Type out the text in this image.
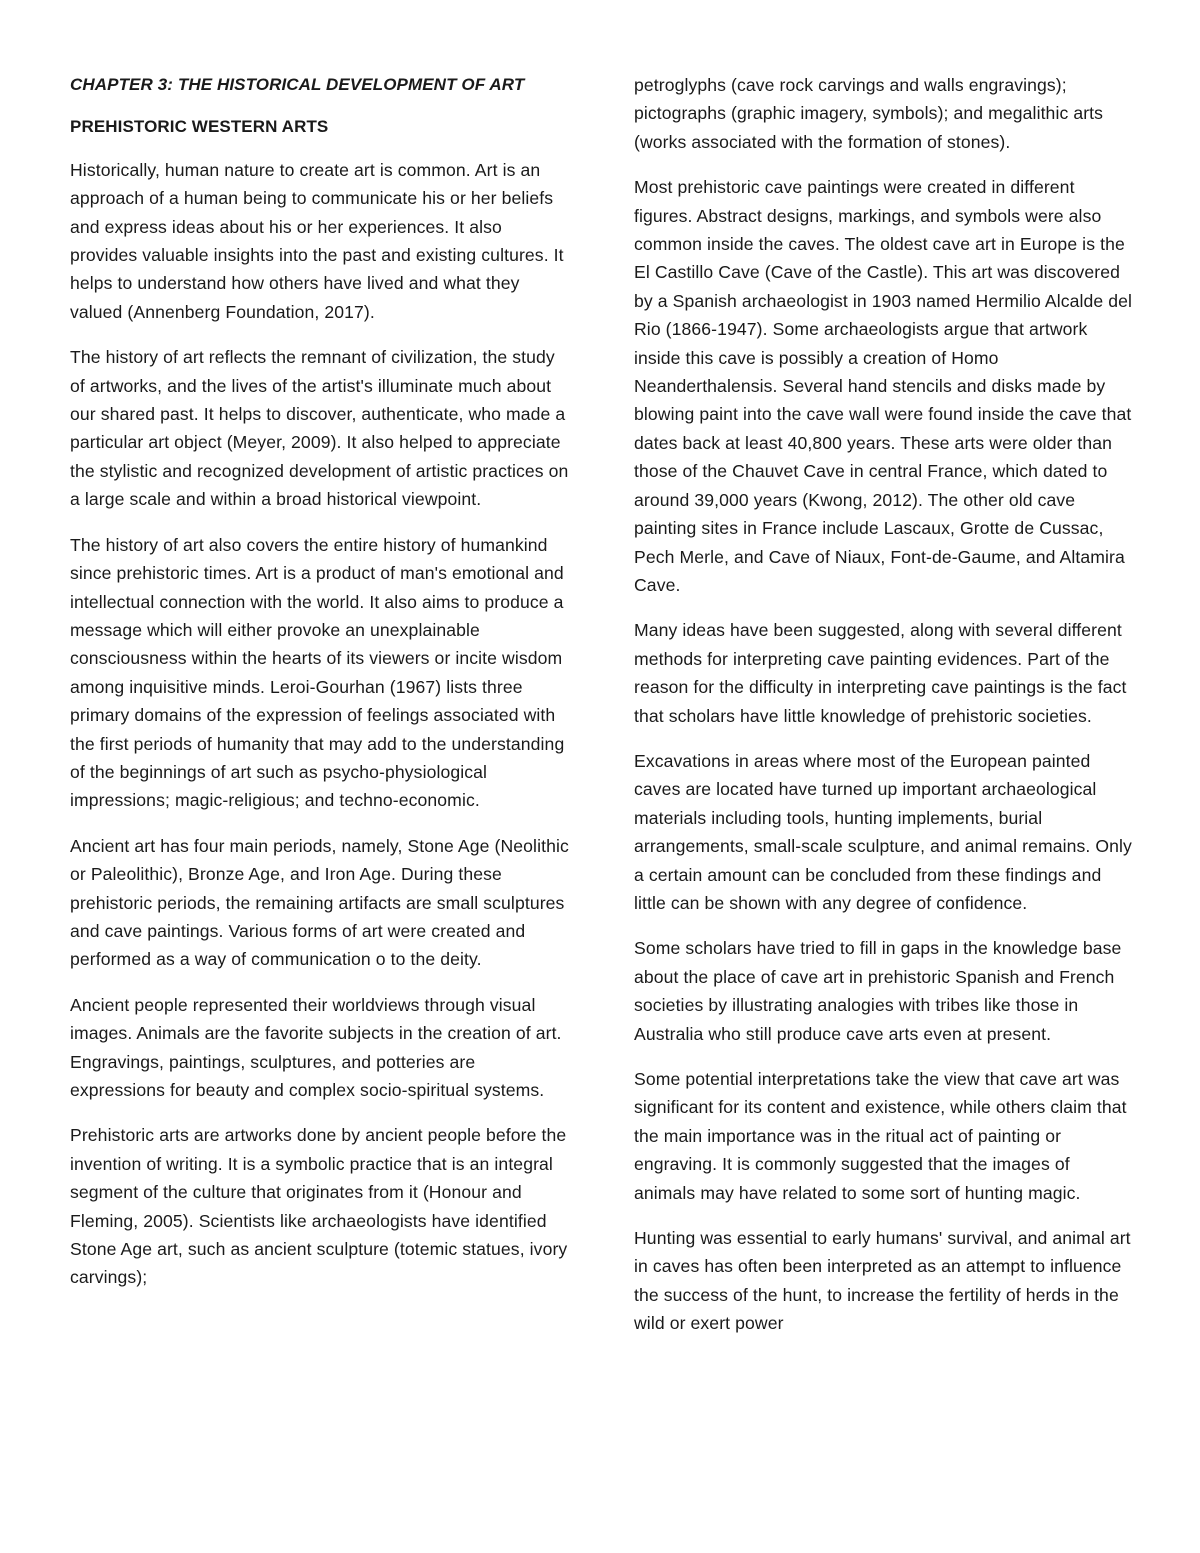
CHAPTER 3: THE HISTORICAL DEVELOPMENT OF ART

PREHISTORIC WESTERN ARTS

Historically, human nature to create art is common. Art is an approach of a human being to communicate his or her beliefs and express ideas about his or her experiences. It also provides valuable insights into the past and existing cultures. It helps to understand how others have lived and what they valued (Annenberg Foundation, 2017).

The history of art reflects the remnant of civilization, the study of artworks, and the lives of the artist's illuminate much about our shared past. It helps to discover, authenticate, who made a particular art object (Meyer, 2009). It also helped to appreciate the stylistic and recognized development of artistic practices on a large scale and within a broad historical viewpoint.

The history of art also covers the entire history of humankind since prehistoric times. Art is a product of man's emotional and intellectual connection with the world. It also aims to produce a message which will either provoke an unexplainable consciousness within the hearts of its viewers or incite wisdom among inquisitive minds. Leroi-Gourhan (1967) lists three primary domains of the expression of feelings associated with the first periods of humanity that may add to the understanding of the beginnings of art such as psycho-physiological impressions; magic-religious; and techno-economic.

Ancient art has four main periods, namely, Stone Age (Neolithic or Paleolithic), Bronze Age, and Iron Age. During these prehistoric periods, the remaining artifacts are small sculptures and cave paintings. Various forms of art were created and performed as a way of communication o to the deity.

Ancient people represented their worldviews through visual images. Animals are the favorite subjects in the creation of art. Engravings, paintings, sculptures, and potteries are expressions for beauty and complex socio-spiritual systems.

Prehistoric arts are artworks done by ancient people before the invention of writing. It is a symbolic practice that is an integral segment of the culture that originates from it (Honour and Fleming, 2005). Scientists like archaeologists have identified Stone Age art, such as ancient sculpture (totemic statues, ivory carvings);

petroglyphs (cave rock carvings and walls engravings); pictographs (graphic imagery, symbols); and megalithic arts (works associated with the formation of stones).

Most prehistoric cave paintings were created in different figures. Abstract designs, markings, and symbols were also common inside the caves. The oldest cave art in Europe is the El Castillo Cave (Cave of the Castle). This art was discovered by a Spanish archaeologist in 1903 named Hermilio Alcalde del Rio (1866-1947). Some archaeologists argue that artwork inside this cave is possibly a creation of Homo Neanderthalensis. Several hand stencils and disks made by blowing paint into the cave wall were found inside the cave that dates back at least 40,800 years. These arts were older than those of the Chauvet Cave in central France, which dated to around 39,000 years (Kwong, 2012). The other old cave painting sites in France include Lascaux, Grotte de Cussac, Pech Merle, and Cave of Niaux, Font-de-Gaume, and Altamira Cave.

Many ideas have been suggested, along with several different methods for interpreting cave painting evidences. Part of the reason for the difficulty in interpreting cave paintings is the fact that scholars have little knowledge of prehistoric societies.

Excavations in areas where most of the European painted caves are located have turned up important archaeological materials including tools, hunting implements, burial arrangements, small-scale sculpture, and animal remains. Only a certain amount can be concluded from these findings and little can be shown with any degree of confidence.

Some scholars have tried to fill in gaps in the knowledge base about the place of cave art in prehistoric Spanish and French societies by illustrating analogies with tribes like those in Australia who still produce cave arts even at present.

Some potential interpretations take the view that cave art was significant for its content and existence, while others claim that the main importance was in the ritual act of painting or engraving. It is commonly suggested that the images of animals may have related to some sort of hunting magic.

Hunting was essential to early humans' survival, and animal art in caves has often been interpreted as an attempt to influence the success of the hunt, to increase the fertility of herds in the wild or exert power
